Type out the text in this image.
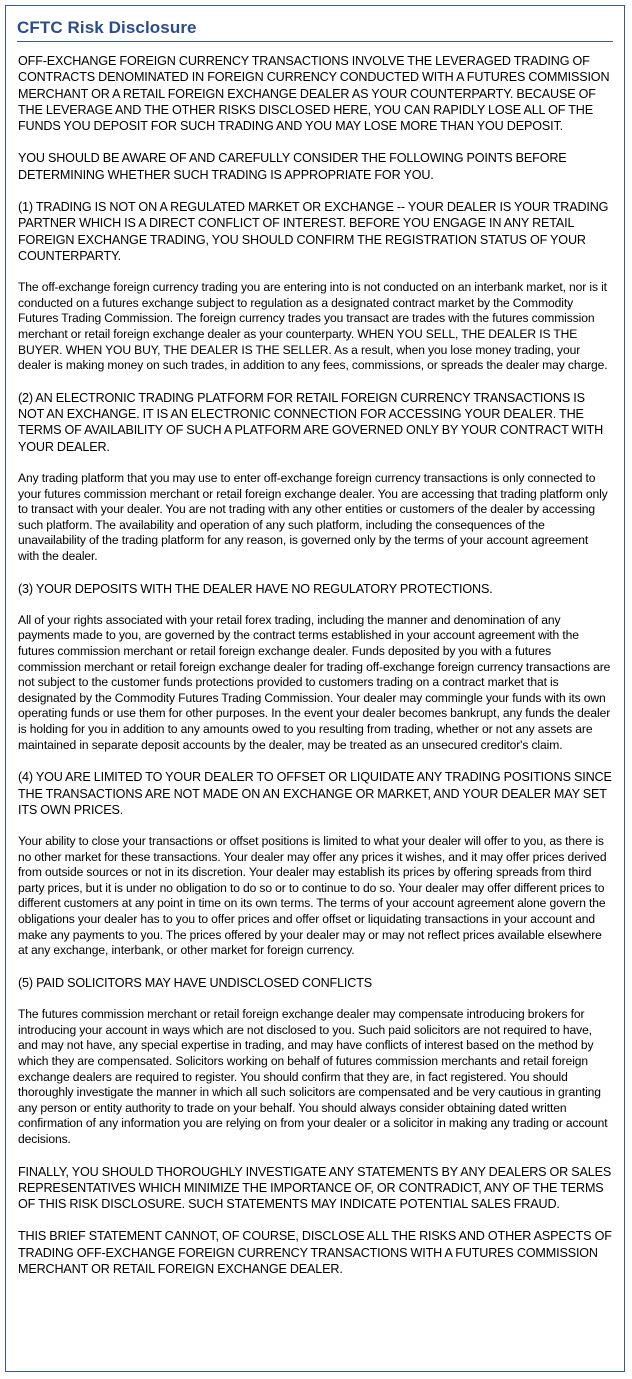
CFTC Risk Disclosure

OFF-EXCHANGE FOREIGN CURRENCY TRANSACTIONS INVOLVE THE LEVERAGED TRADING OF CONTRACTS DENOMINATED IN FOREIGN CURRENCY CONDUCTED WITH A FUTURES COMMISSION MERCHANT OR A RETAIL FOREIGN EXCHANGE DEALER AS YOUR COUNTERPARTY. BECAUSE OF THE LEVERAGE AND THE OTHER RISKS DISCLOSED HERE, YOU CAN RAPIDLY LOSE ALL OF THE FUNDS YOU DEPOSIT FOR SUCH TRADING AND YOU MAY LOSE MORE THAN YOU DEPOSIT.

YOU SHOULD BE AWARE OF AND CAREFULLY CONSIDER THE FOLLOWING POINTS BEFORE DETERMINING WHETHER SUCH TRADING IS APPROPRIATE FOR YOU.

(1) TRADING IS NOT ON A REGULATED MARKET OR EXCHANGE -- YOUR DEALER IS YOUR TRADING PARTNER WHICH IS A DIRECT CONFLICT OF INTEREST. BEFORE YOU ENGAGE IN ANY RETAIL FOREIGN EXCHANGE TRADING, YOU SHOULD CONFIRM THE REGISTRATION STATUS OF YOUR COUNTERPARTY.

The off-exchange foreign currency trading you are entering into is not conducted on an interbank market, nor is it conducted on a futures exchange subject to regulation as a designated contract market by the Commodity Futures Trading Commission. The foreign currency trades you transact are trades with the futures commission merchant or retail foreign exchange dealer as your counterparty. WHEN YOU SELL, THE DEALER IS THE BUYER. WHEN YOU BUY, THE DEALER IS THE SELLER. As a result, when you lose money trading, your dealer is making money on such trades, in addition to any fees, commissions, or spreads the dealer may charge.

(2) AN ELECTRONIC TRADING PLATFORM FOR RETAIL FOREIGN CURRENCY TRANSACTIONS IS NOT AN EXCHANGE. IT IS AN ELECTRONIC CONNECTION FOR ACCESSING YOUR DEALER. THE TERMS OF AVAILABILITY OF SUCH A PLATFORM ARE GOVERNED ONLY BY YOUR CONTRACT WITH YOUR DEALER.

Any trading platform that you may use to enter off-exchange foreign currency transactions is only connected to your futures commission merchant or retail foreign exchange dealer. You are accessing that trading platform only to transact with your dealer. You are not trading with any other entities or customers of the dealer by accessing such platform. The availability and operation of any such platform, including the consequences of the unavailability of the trading platform for any reason, is governed only by the terms of your account agreement with the dealer.

(3) YOUR DEPOSITS WITH THE DEALER HAVE NO REGULATORY PROTECTIONS.

All of your rights associated with your retail forex trading, including the manner and denomination of any payments made to you, are governed by the contract terms established in your account agreement with the futures commission merchant or retail foreign exchange dealer. Funds deposited by you with a futures commission merchant or retail foreign exchange dealer for trading off-exchange foreign currency transactions are not subject to the customer funds protections provided to customers trading on a contract market that is designated by the Commodity Futures Trading Commission. Your dealer may commingle your funds with its own operating funds or use them for other purposes. In the event your dealer becomes bankrupt, any funds the dealer is holding for you in addition to any amounts owed to you resulting from trading, whether or not any assets are maintained in separate deposit accounts by the dealer, may be treated as an unsecured creditor's claim.

(4) YOU ARE LIMITED TO YOUR DEALER TO OFFSET OR LIQUIDATE ANY TRADING POSITIONS SINCE THE TRANSACTIONS ARE NOT MADE ON AN EXCHANGE OR MARKET, AND YOUR DEALER MAY SET ITS OWN PRICES.

Your ability to close your transactions or offset positions is limited to what your dealer will offer to you, as there is no other market for these transactions. Your dealer may offer any prices it wishes, and it may offer prices derived from outside sources or not in its discretion. Your dealer may establish its prices by offering spreads from third party prices, but it is under no obligation to do so or to continue to do so. Your dealer may offer different prices to different customers at any point in time on its own terms. The terms of your account agreement alone govern the obligations your dealer has to you to offer prices and offer offset or liquidating transactions in your account and make any payments to you. The prices offered by your dealer may or may not reflect prices available elsewhere at any exchange, interbank, or other market for foreign currency.

(5) PAID SOLICITORS MAY HAVE UNDISCLOSED CONFLICTS

The futures commission merchant or retail foreign exchange dealer may compensate introducing brokers for introducing your account in ways which are not disclosed to you. Such paid solicitors are not required to have, and may not have, any special expertise in trading, and may have conflicts of interest based on the method by which they are compensated. Solicitors working on behalf of futures commission merchants and retail foreign exchange dealers are required to register. You should confirm that they are, in fact registered. You should thoroughly investigate the manner in which all such solicitors are compensated and be very cautious in granting any person or entity authority to trade on your behalf. You should always consider obtaining dated written confirmation of any information you are relying on from your dealer or a solicitor in making any trading or account decisions.

FINALLY, YOU SHOULD THOROUGHLY INVESTIGATE ANY STATEMENTS BY ANY DEALERS OR SALES REPRESENTATIVES WHICH MINIMIZE THE IMPORTANCE OF, OR CONTRADICT, ANY OF THE TERMS OF THIS RISK DISCLOSURE. SUCH STATEMENTS MAY INDICATE POTENTIAL SALES FRAUD.

THIS BRIEF STATEMENT CANNOT, OF COURSE, DISCLOSE ALL THE RISKS AND OTHER ASPECTS OF TRADING OFF-EXCHANGE FOREIGN CURRENCY TRANSACTIONS WITH A FUTURES COMMISSION MERCHANT OR RETAIL FOREIGN EXCHANGE DEALER.
